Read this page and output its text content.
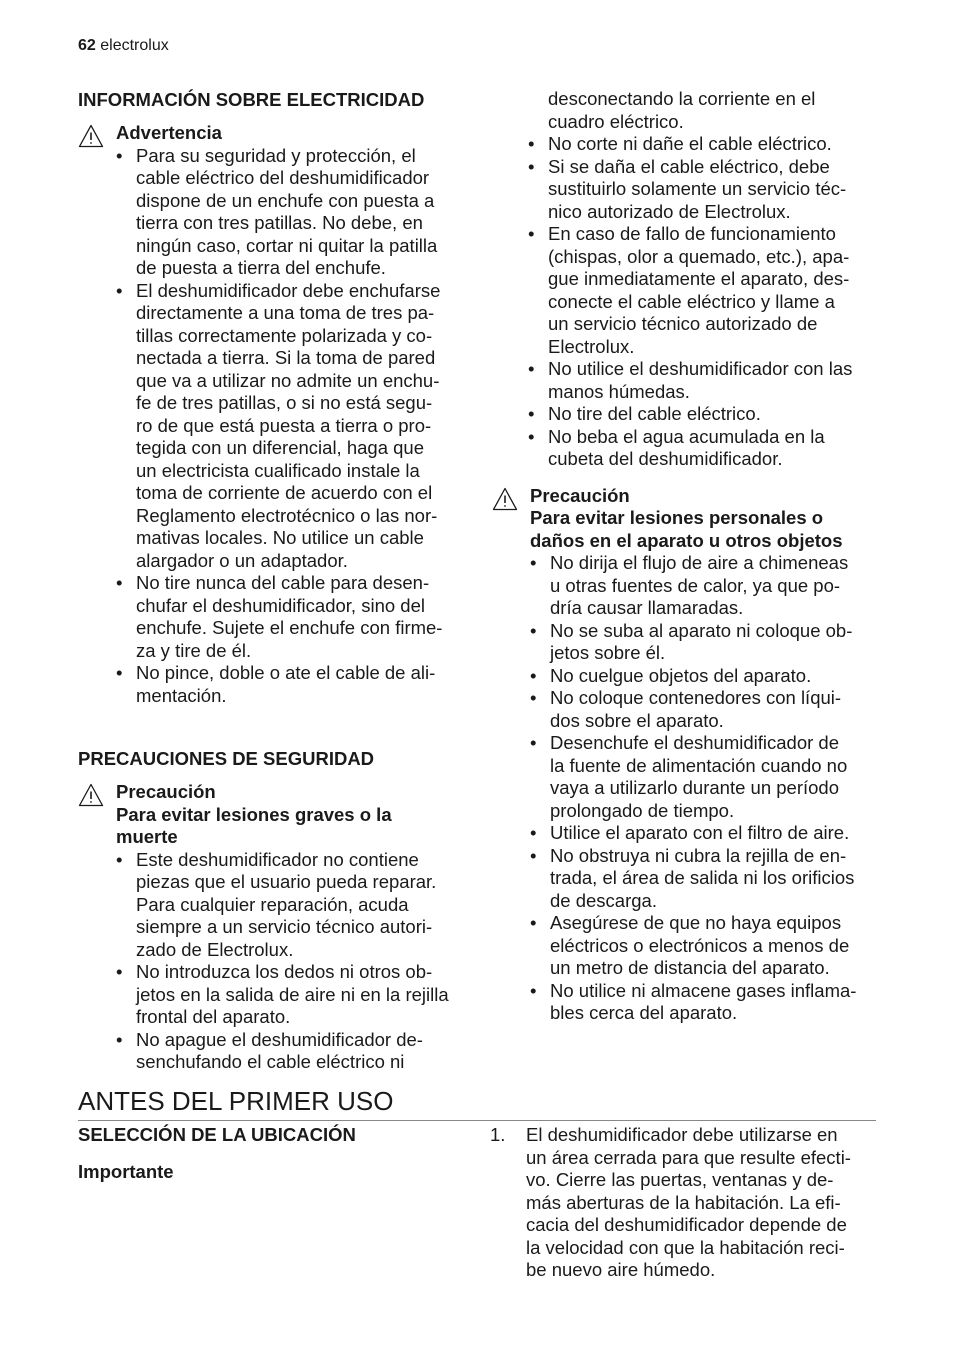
62 electrolux
INFORMACIÓN SOBRE ELECTRICIDAD
Advertencia
• Para su seguridad y protección, el
cable eléctrico del deshumidificador
dispone de un enchufe con puesta a
tierra con tres patillas. No debe, en
ningún caso, cortar ni quitar la patilla
de puesta a tierra del enchufe.
• El deshumidificador debe enchufarse
directamente a una toma de tres pa-
tillas correctamente polarizada y co-
nectada a tierra. Si la toma de pared
que va a utilizar no admite un enchu-
fe de tres patillas, o si no está segu-
ro de que está puesta a tierra o pro-
tegida con un diferencial, haga que
un electricista cualificado instale la
toma de corriente de acuerdo con el
Reglamento electrotécnico o las nor-
mativas locales. No utilice un cable
alargador o un adaptador.
• No tire nunca del cable para desen-
chufar el deshumidificador, sino del
enchufe. Sujete el enchufe con firme-
za y tire de él.
• No pince, doble o ate el cable de ali-
mentación.
PRECAUCIONES DE SEGURIDAD
Precaución
Para evitar lesiones graves o la
muerte
• Este deshumidificador no contiene
piezas que el usuario pueda reparar.
Para cualquier reparación, acuda
siempre a un servicio técnico autori-
zado de Electrolux.
• No introduzca los dedos ni otros ob-
jetos en la salida de aire ni en la rejilla
frontal del aparato.
• No apague el deshumidificador de-
senchufando el cable eléctrico ni
desconectando la corriente en el
cuadro eléctrico.
• No corte ni dañe el cable eléctrico.
• Si se daña el cable eléctrico, debe
sustituirlo solamente un servicio téc-
nico autorizado de Electrolux.
• En caso de fallo de funcionamiento
(chispas, olor a quemado, etc.), apa-
gue inmediatamente el aparato, des-
conecte el cable eléctrico y llame a
un servicio técnico autorizado de
Electrolux.
• No utilice el deshumidificador con las
manos húmedas.
• No tire del cable eléctrico.
• No beba el agua acumulada en la
cubeta del deshumidificador.
Precaución
Para evitar lesiones personales o
daños en el aparato u otros objetos
• No dirija el flujo de aire a chimeneas
u otras fuentes de calor, ya que po-
dría causar llamaradas.
• No se suba al aparato ni coloque ob-
jetos sobre él.
• No cuelgue objetos del aparato.
• No coloque contenedores con líqui-
dos sobre el aparato.
• Desenchufe el deshumidificador de
la fuente de alimentación cuando no
vaya a utilizarlo durante un período
prolongado de tiempo.
• Utilice el aparato con el filtro de aire.
• No obstruya ni cubra la rejilla de en-
trada, el área de salida ni los orificios
de descarga.
• Asegúrese de que no haya equipos
eléctricos o electrónicos a menos de
un metro de distancia del aparato.
• No utilice ni almacene gases inflama-
bles cerca del aparato.
ANTES DEL PRIMER USO
SELECCIÓN DE LA UBICACIÓN
Importante
1.	El deshumidificador debe utilizarse en
un área cerrada para que resulte efecti-
vo. Cierre las puertas, ventanas y de-
más aberturas de la habitación. La efi-
cacia del deshumidificador depende de
la velocidad con que la habitación reci-
be nuevo aire húmedo.
